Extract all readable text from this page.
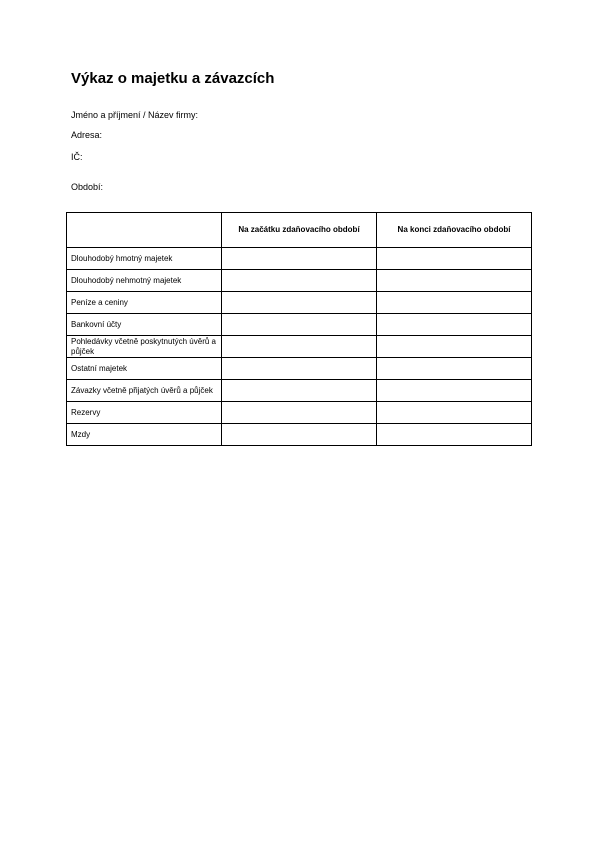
Výkaz o majetku a závazcích

Jméno a příjmení / Název firmy:

Adresa:

IČ:

Období:

	Na začátku zdaňovacího období	Na konci zdaňovacího období
Dlouhodobý hmotný majetek		
Dlouhodobý nehmotný majetek		
Peníze a ceniny		
Bankovní účty		
Pohledávky včetně poskytnutých úvěrů a půjček		
Ostatní majetek		
Závazky včetně přijatých úvěrů a půjček		
Rezervy		
Mzdy		
